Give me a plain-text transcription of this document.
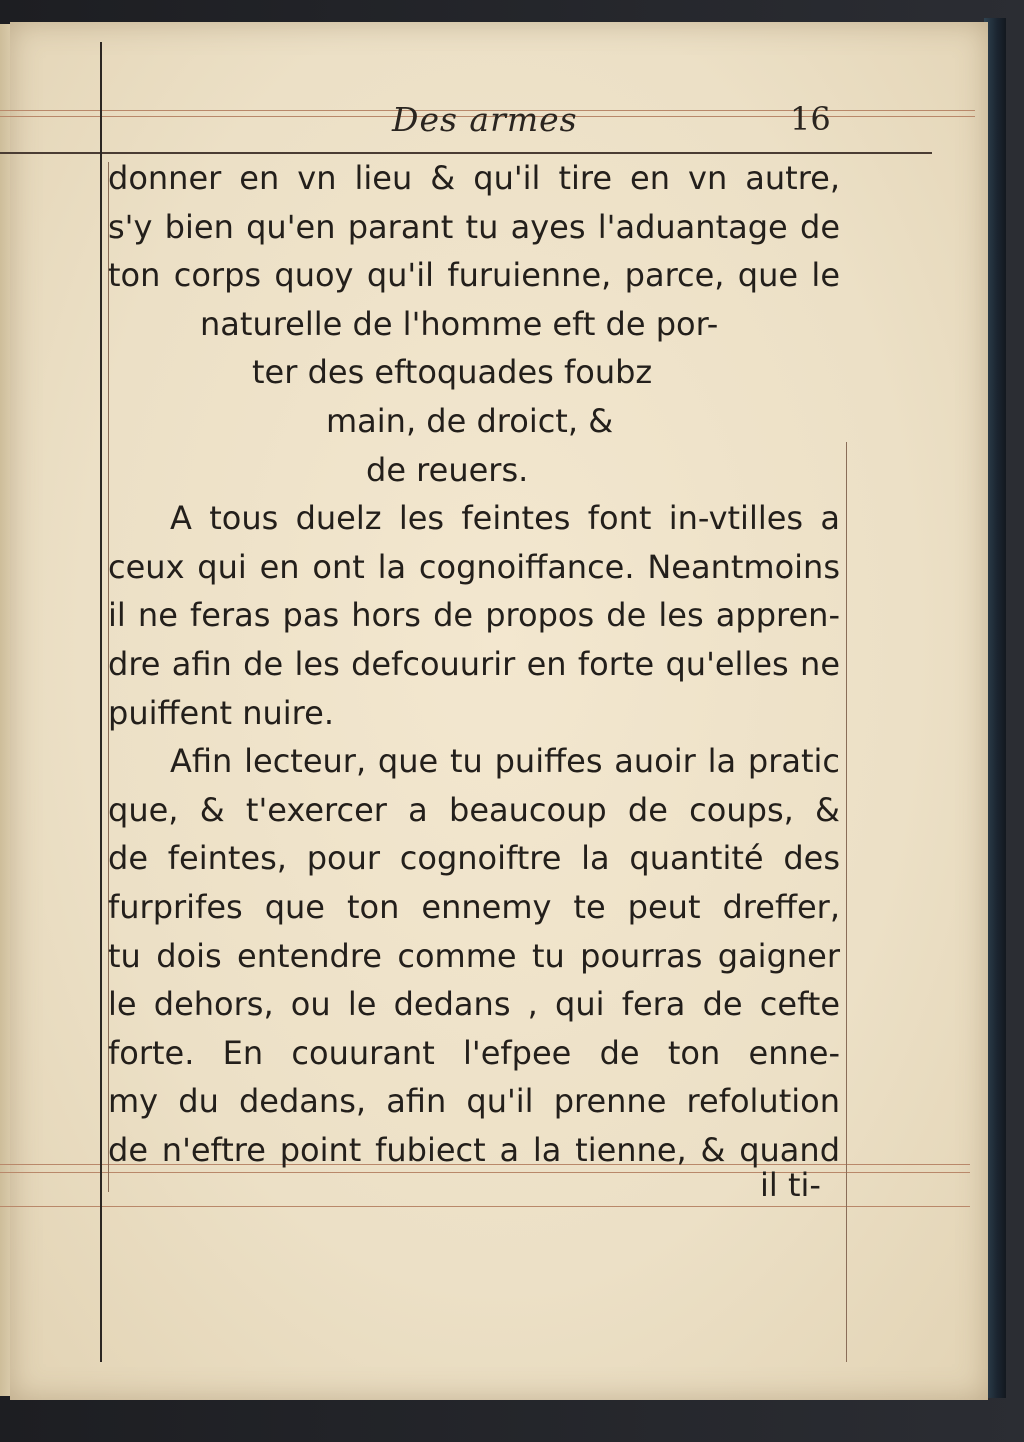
Des armes	16
donner en vn lieu & qu'il tire en vn autre,
s'y bien qu'en parant tu ayes l'aduantage de
ton corps quoy qu'il furuienne, parce, que le
naturelle de l'homme eft de por-
ter des eftoquades foubz
main, de droict, &
de reuers.
A tous duelz les feintes font in-vtilles a
ceux qui en ont la cognoiffance. Neantmoins
il ne feras pas hors de propos de les appren-
dre afin de les defcouurir en forte qu'elles ne
puiffent nuire.
Afin lecteur, que tu puiffes auoir la pratic
que, & t'exercer a beaucoup de coups, &
de feintes, pour cognoiftre la quantité des
furprifes que ton ennemy te peut dreffer,
tu dois entendre comme tu pourras gaigner
le dehors, ou le dedans , qui fera de cefte
forte. En couurant l'efpee de ton enne-
my du dedans, afin qu'il prenne refolution
de n'eftre point fubiect a la tienne, & quand
il ti-
